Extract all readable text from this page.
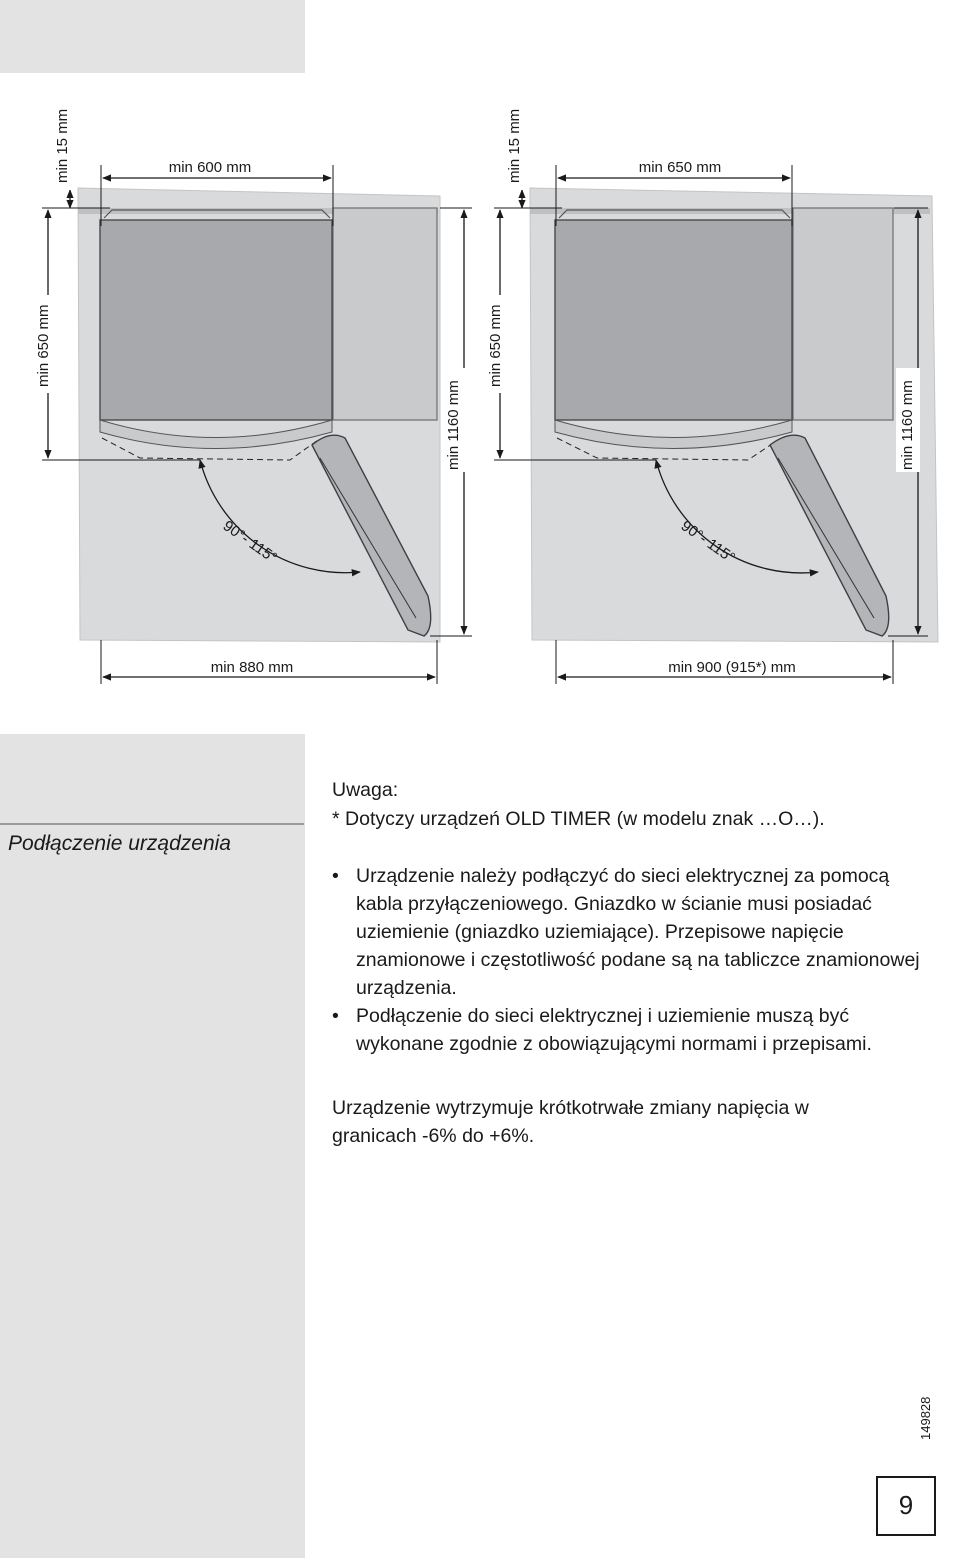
min 600 mm
min 15 mm
min 650 mm
min 1160 mm
min 880 mm
90°- 115°
min 650 mm
min 15 mm
min 650 mm
min 1160 mm
min 900 (915*) mm
90°- 115°
Podłączenie urządzenia
Uwaga:
* Dotyczy urządzeń OLD TIMER (w modelu znak …O…).
• Urządzenie należy podłączyć do sieci elektrycznej za pomocą kabla przyłączeniowego. Gniazdko w ścianie musi posiadać uziemienie (gniazdko uziemiające). Przepisowe napięcie znamionowe i częstotliwość podane są na tabliczce znamionowej urządzenia.
• Podłączenie do sieci elektrycznej i uziemienie muszą być wykonane zgodnie z obowiązującymi normami i przepisami.
Urządzenie wytrzymuje krótkotrwałe zmiany napięcia w granicach -6% do +6%.
149828
9
